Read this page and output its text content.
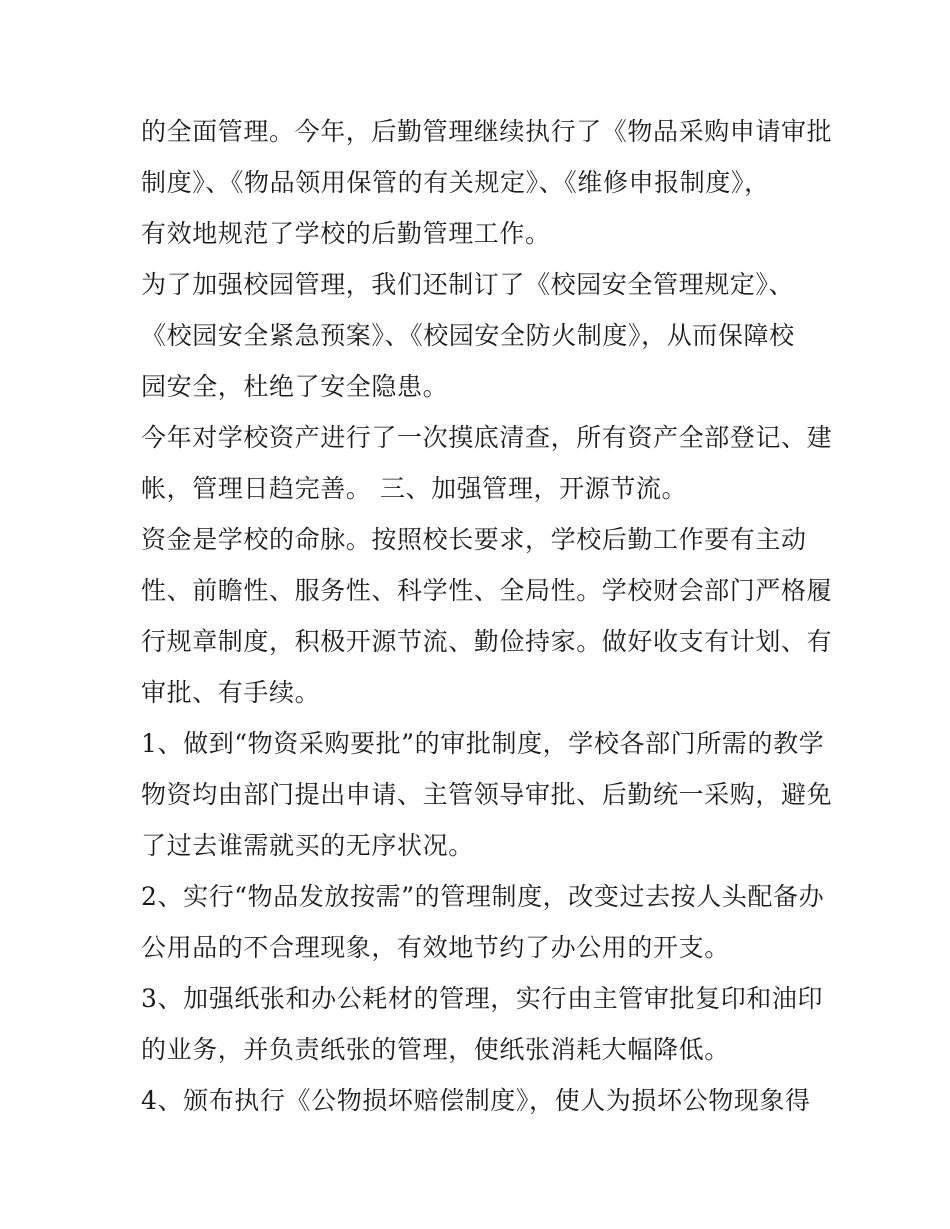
的全面管理。今年，后勤管理继续执行了《物品采购申请审批
制度》、《物品领用保管的有关规定》、《维修申报制度》，
有效地规范了学校的后勤管理工作。
为了加强校园管理，我们还制订了《校园安全管理规定》、
《校园安全紧急预案》、《校园安全防火制度》，从而保障校
园安全，杜绝了安全隐患。
今年对学校资产进行了一次摸底清查，所有资产全部登记、建
帐，管理日趋完善。 三、加强管理，开源节流。
资金是学校的命脉。按照校长要求，学校后勤工作要有主动
性、前瞻性、服务性、科学性、全局性。学校财会部门严格履
行规章制度，积极开源节流、勤俭持家。做好收支有计划、有
审批、有手续。
1、做到“物资采购要批”的审批制度，学校各部门所需的教学
物资均由部门提出申请、主管领导审批、后勤统一采购，避免
了过去谁需就买的无序状况。
2、实行“物品发放按需”的管理制度，改变过去按人头配备办
公用品的不合理现象，有效地节约了办公用的开支。
3、加强纸张和办公耗材的管理，实行由主管审批复印和油印
的业务，并负责纸张的管理，使纸张消耗大幅降低。
4、颁布执行《公物损坏赔偿制度》，使人为损坏公物现象得
